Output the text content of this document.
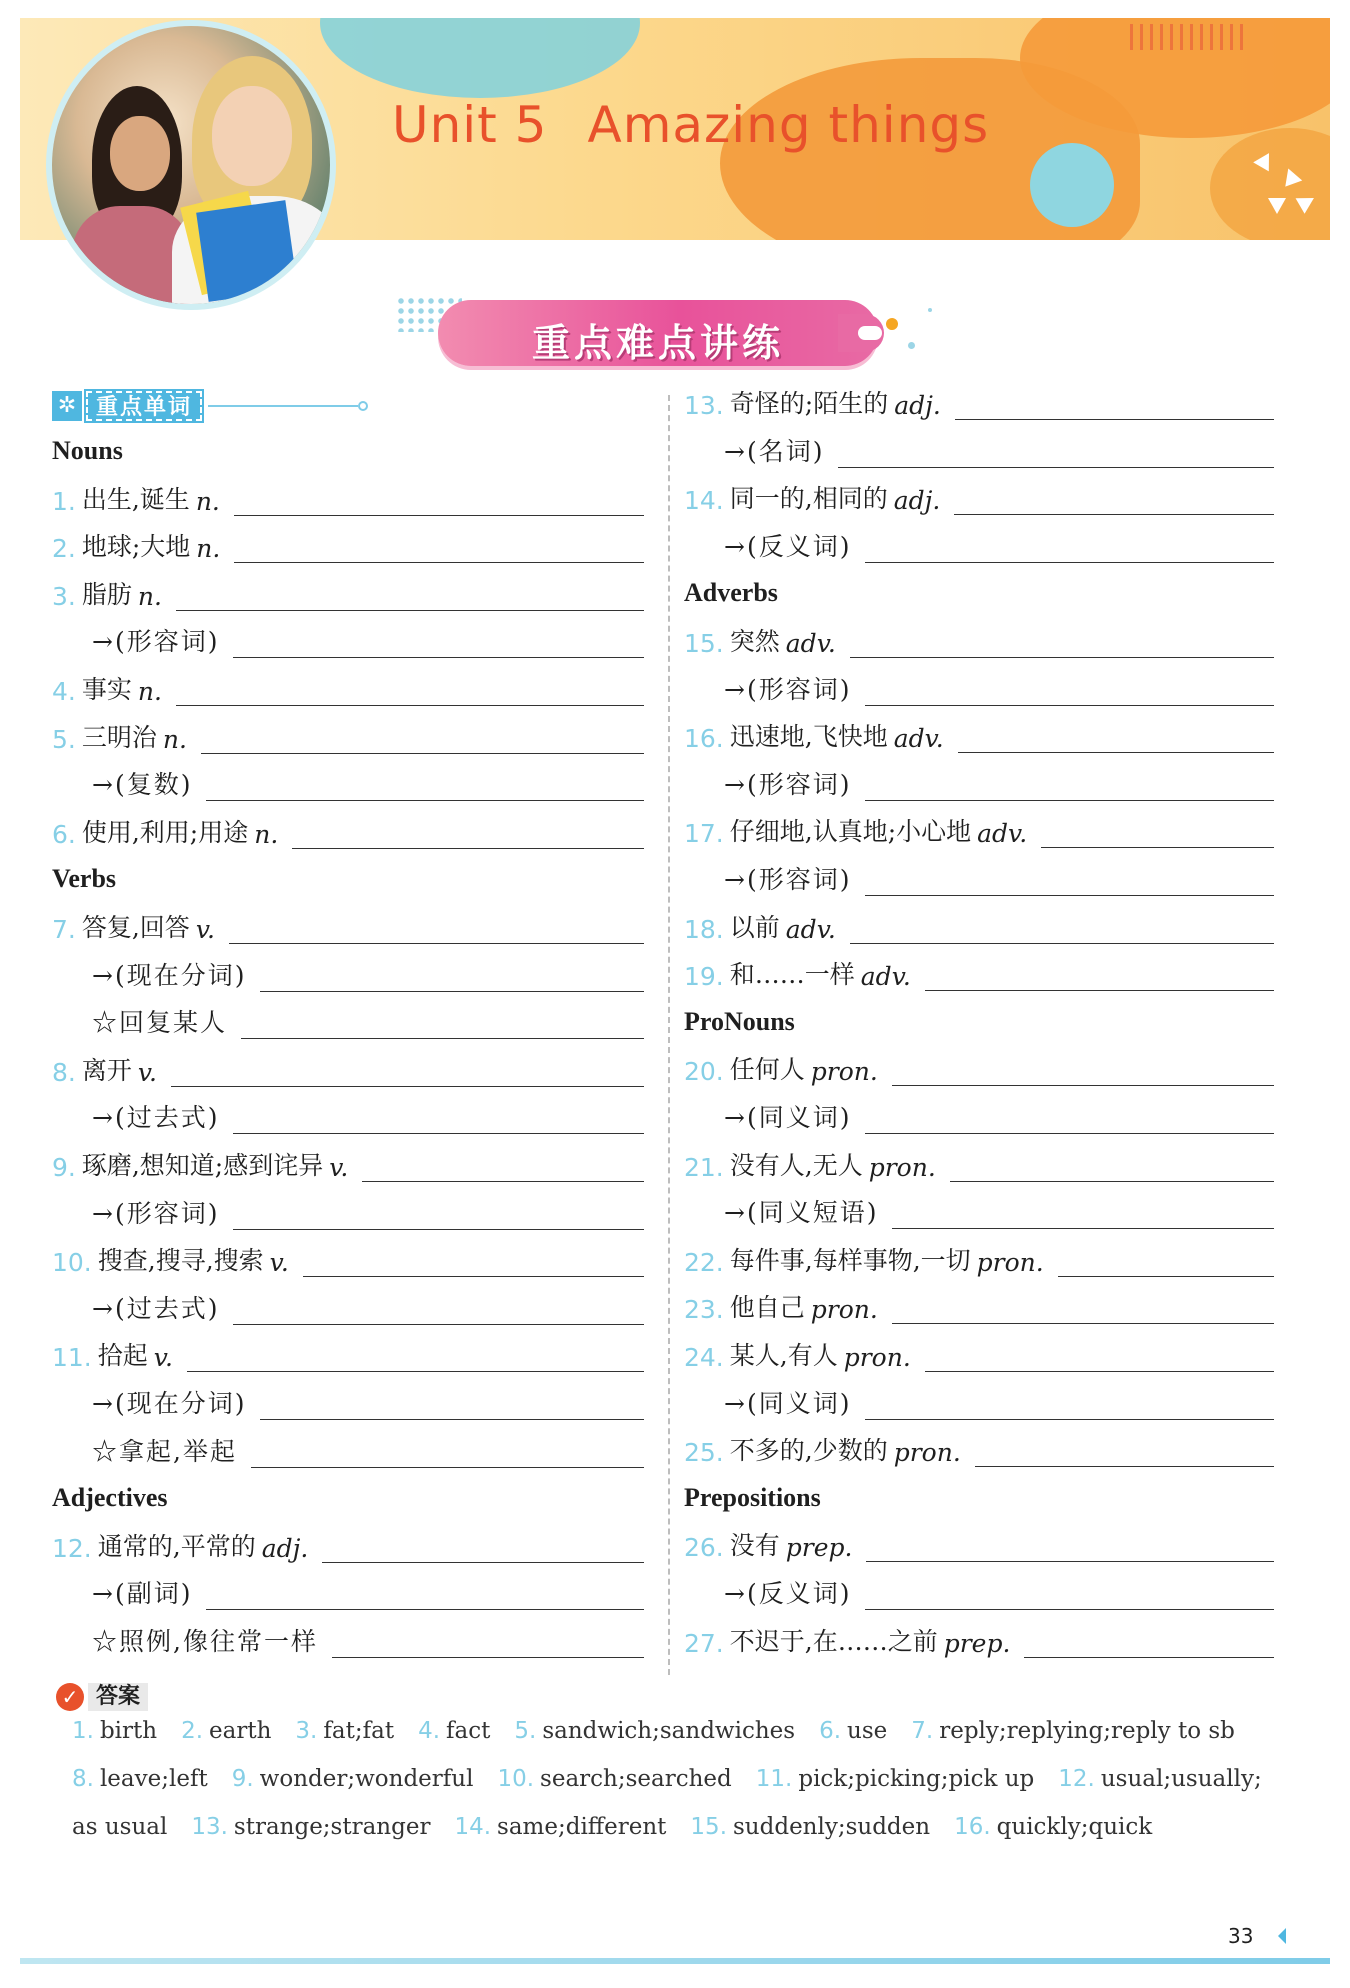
Unit 5 Amazing things
重点难点讲练
✲ 重点单词
Nouns
1. 出生,诞生 n.
2. 地球;大地 n.
3. 脂肪 n.
→(形容词)
4. 事实 n.
5. 三明治 n.
→(复数)
6. 使用,利用;用途 n.
Verbs
7. 答复,回答 v.
→(现在分词)
☆回复某人
8. 离开 v.
→(过去式)
9. 琢磨,想知道;感到诧异 v.
→(形容词)
10. 搜查,搜寻,搜索 v.
→(过去式)
11. 拾起 v.
→(现在分词)
☆拿起,举起
Adjectives
12. 通常的,平常的 adj.
→(副词)
☆照例,像往常一样
13. 奇怪的;陌生的 adj.
→(名词)
14. 同一的,相同的 adj.
→(反义词)
Adverbs
15. 突然 adv.
→(形容词)
16. 迅速地,飞快地 adv.
→(形容词)
17. 仔细地,认真地;小心地 adv.
→(形容词)
18. 以前 adv.
19. 和……一样 adv.
ProNouns
20. 任何人 pron.
→(同义词)
21. 没有人,无人 pron.
→(同义短语)
22. 每件事,每样事物,一切 pron.
23. 他自己 pron.
24. 某人,有人 pron.
→(同义词)
25. 不多的,少数的 pron.
Prepositions
26. 没有 prep.
→(反义词)
27. 不迟于,在……之前 prep.
✓ 答案
1. birth 2. earth 3. fat;fat 4. fact 5. sandwich;sandwiches 6. use 7. reply;replying;reply to sb
8. leave;left 9. wonder;wonderful 10. search;searched 11. pick;picking;pick up 12. usual;usually;
as usual 13. strange;stranger 14. same;different 15. suddenly;sudden 16. quickly;quick
33
